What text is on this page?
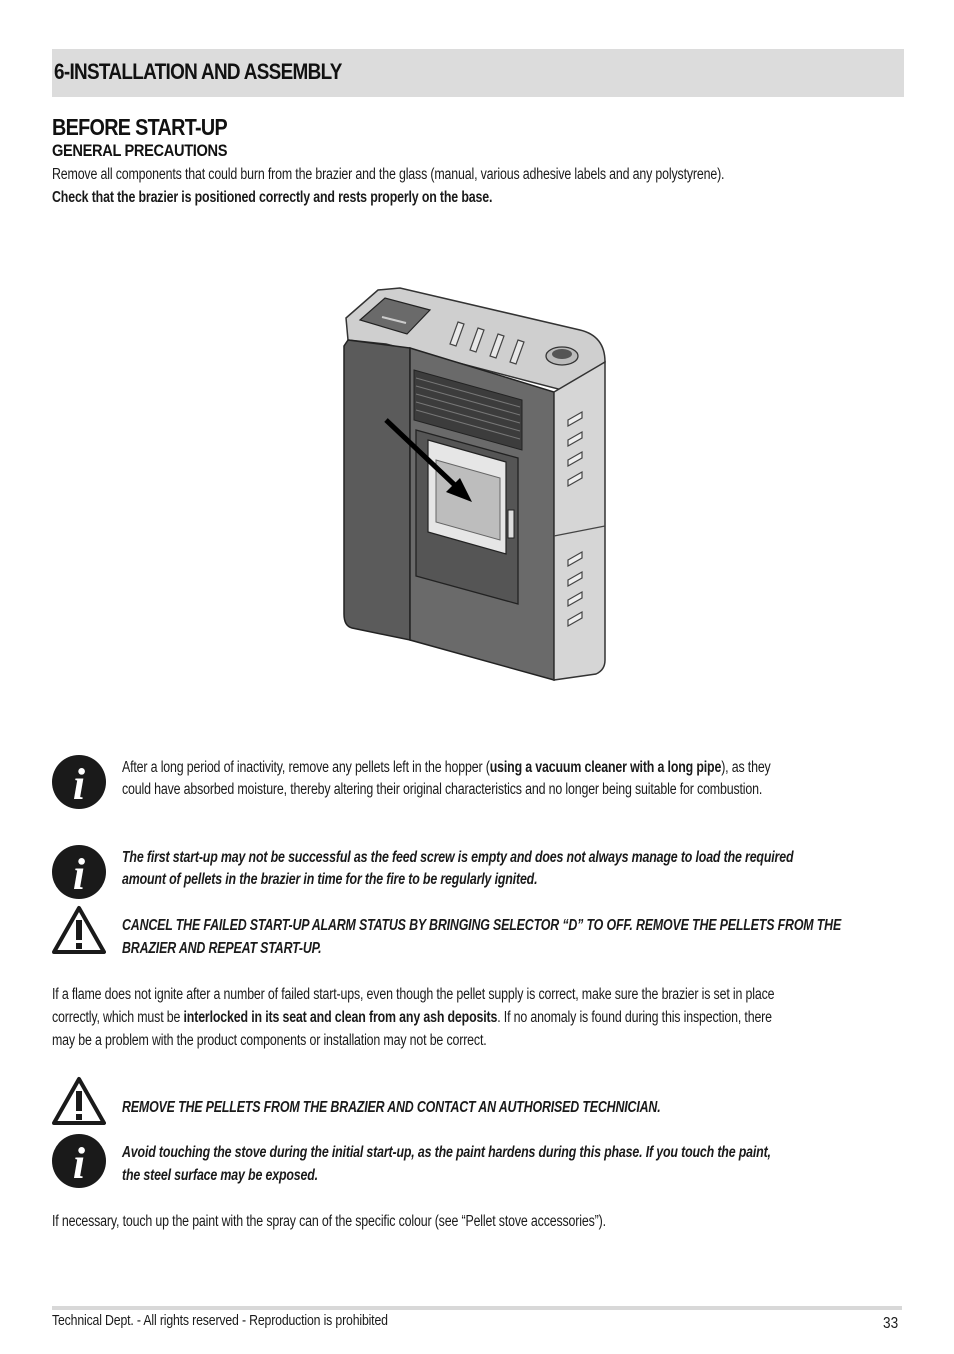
6-INSTALLATION AND ASSEMBLY
BEFORE START-UP
GENERAL PRECAUTIONS
Remove all components that could burn from the brazier and the glass (manual, various adhesive labels and any polystyrene).
Check that the brazier is positioned correctly and rests properly on the base.
i After a long period of inactivity, remove any pellets left in the hopper (using a vacuum cleaner with a long pipe), as they
could have absorbed moisture, thereby altering their original characteristics and no longer being suitable for combustion.
i The first start-up may not be successful as the feed screw is empty and does not always manage to load the required
amount of pellets in the brazier in time for the fire to be regularly ignited.
CANCEL THE FAILED START-UP ALARM STATUS BY BRINGING SELECTOR “D” TO OFF. REMOVE THE PELLETS FROM THE
BRAZIER AND REPEAT START-UP.
If a flame does not ignite after a number of failed start-ups, even though the pellet supply is correct, make sure the brazier is set in place
correctly, which must be interlocked in its seat and clean from any ash deposits. If no anomaly is found during this inspection, there
may be a problem with the product components or installation may not be correct.
REMOVE THE PELLETS FROM THE BRAZIER AND CONTACT AN AUTHORISED TECHNICIAN.
i Avoid touching the stove during the initial start-up, as the paint hardens during this phase. If you touch the paint,
the steel surface may be exposed.
If necessary, touch up the paint with the spray can of the specific colour (see “Pellet stove accessories”).
Technical Dept. - All rights reserved - Reproduction is prohibited	33
